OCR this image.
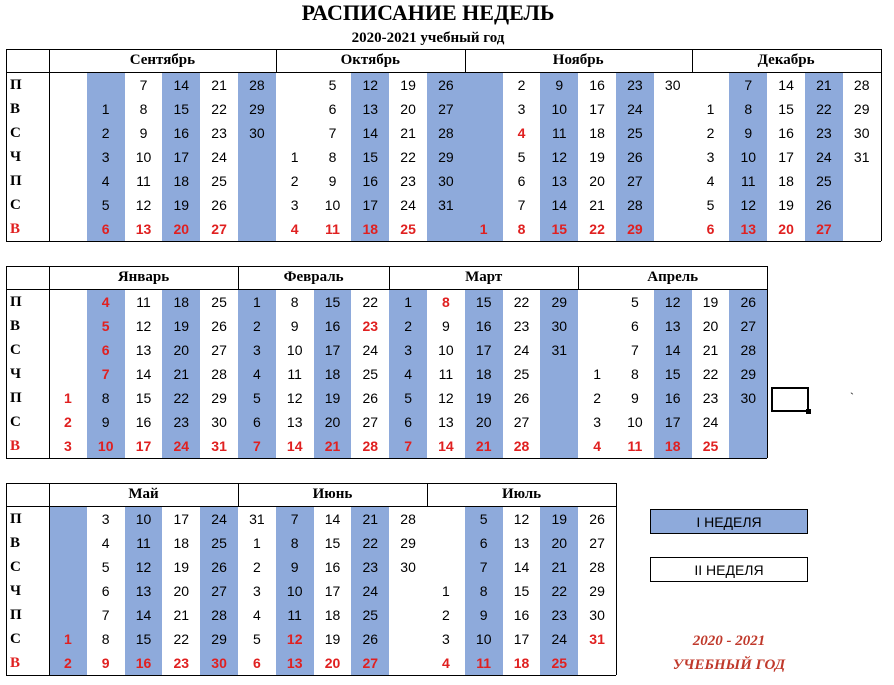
РАСПИСАНИЕ НЕДЕЛЬ
2020-2021 учебный год
I НЕДЕЛЯ
II НЕДЕЛЯ
2020 - 2021
УЧЕБНЫЙ ГОД
`
П
В
С
Ч
П
С
В
Сентябрь
1
2
3
4
5
6
7
8
9
10
11
12
13
14
15
16
17
18
19
20
21
22
23
24
25
26
27
28
29
30
Октябрь
1
2
3
4
5
6
7
8
9
10
11
12
13
14
15
16
17
18
19
20
21
22
23
24
25
26
27
28
29
30
31
Ноябрь
1
2
3
4
5
6
7
8
9
10
11
12
13
14
15
16
17
18
19
20
21
22
23
24
25
26
27
28
29
30
Декабрь
1
2
3
4
5
6
7
8
9
10
11
12
13
14
15
16
17
18
19
20
21
22
23
24
25
26
27
28
29
30
31
П
В
С
Ч
П
С
В
Январь
1
2
3
4
5
6
7
8
9
10
11
12
13
14
15
16
17
18
19
20
21
22
23
24
25
26
27
28
29
30
31
Февраль
1
2
3
4
5
6
7
8
9
10
11
12
13
14
15
16
17
18
19
20
21
22
23
24
25
26
27
28
Март
1
2
3
4
5
6
7
8
9
10
11
12
13
14
15
16
17
18
19
20
21
22
23
24
25
26
27
28
29
30
31
Апрель
1
2
3
4
5
6
7
8
9
10
11
12
13
14
15
16
17
18
19
20
21
22
23
24
25
26
27
28
29
30
П
В
С
Ч
П
С
В
Май
1
2
3
4
5
6
7
8
9
10
11
12
13
14
15
16
17
18
19
20
21
22
23
24
25
26
27
28
29
30
Июнь
31
1
2
3
4
5
6
7
8
9
10
11
12
13
14
15
16
17
18
19
20
21
22
23
24
25
26
27
28
29
30
Июль
1
2
3
4
5
6
7
8
9
10
11
12
13
14
15
16
17
18
19
20
21
22
23
24
25
26
27
28
29
30
31
